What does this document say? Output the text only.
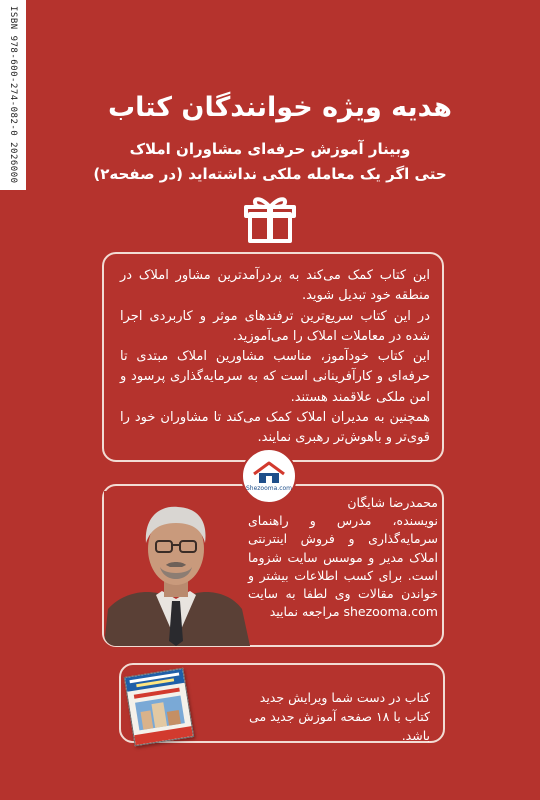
ISBN 978-600-274-082-0 2026000	هدیه ویژه خوانندگان کتاب
وبینار آموزش حرفه‌ای مشاوران املاک
حتی اگر یک معامله ملکی نداشته‌اید (در صفحه۲)

این کتاب کمک می‌کند به پردرآمدترین مشاور املاک در منطقه خود تبدیل شوید.

در این کتاب سریع‌ترین ترفندهای موثر و کاربردی اجرا شده در معاملات املاک را می‌آموزید.

این کتاب خودآموز، مناسب مشاورین املاک مبتدی تا حرفه‌ای و کارآفرینانی است که به سرمایه‌گذاری پرسود و امن ملکی علاقمند هستند.

همچنین به مدیران املاک کمک می‌کند تا مشاوران خود را قوی‌تر و باهوش‌تر رهبری نمایند.

Shezooma.com

محمدرضا شایگان

نویسنده، مدرس و راهنمای سرمایه‌گذاری و فروش اینترنتی املاک مدیر و موسس سایت شزوما است. برای کسب اطلاعات بیشتر و خواندن مقالات وی لطفا به سایت shezooma.com مراجعه نمایید

کتاب در دست شما ویرایش جدید کتاب با ۱۸ صفحه آموزش جدید می باشد.
